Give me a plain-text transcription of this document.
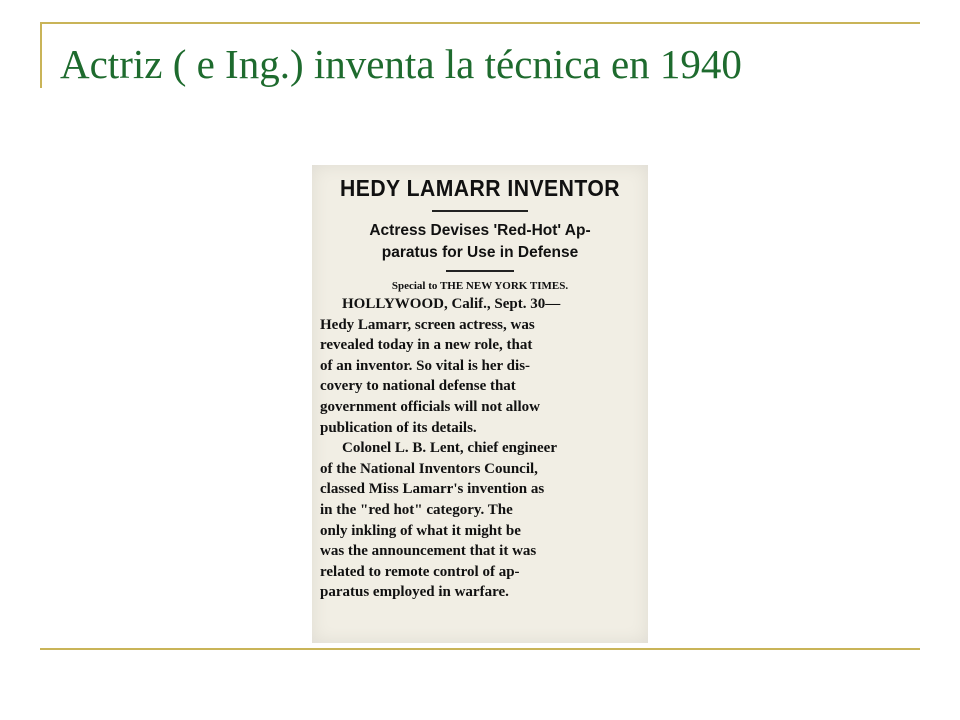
Actriz ( e Ing.) inventa la técnica en 1940
HEDY LAMARR INVENTOR
Actress Devises 'Red-Hot' Ap-
paratus for Use in Defense
Special to THE NEW YORK TIMES.
HOLLYWOOD, Calif., Sept. 30—
Hedy Lamarr, screen actress, was
revealed today in a new role, that
of an inventor. So vital is her dis-
covery to national defense that
government officials will not allow
publication of its details.
Colonel L. B. Lent, chief engineer
of the National Inventors Council,
classed Miss Lamarr's invention as
in the "red hot" category. The
only inkling of what it might be
was the announcement that it was
related to remote control of ap-
paratus employed in warfare.
